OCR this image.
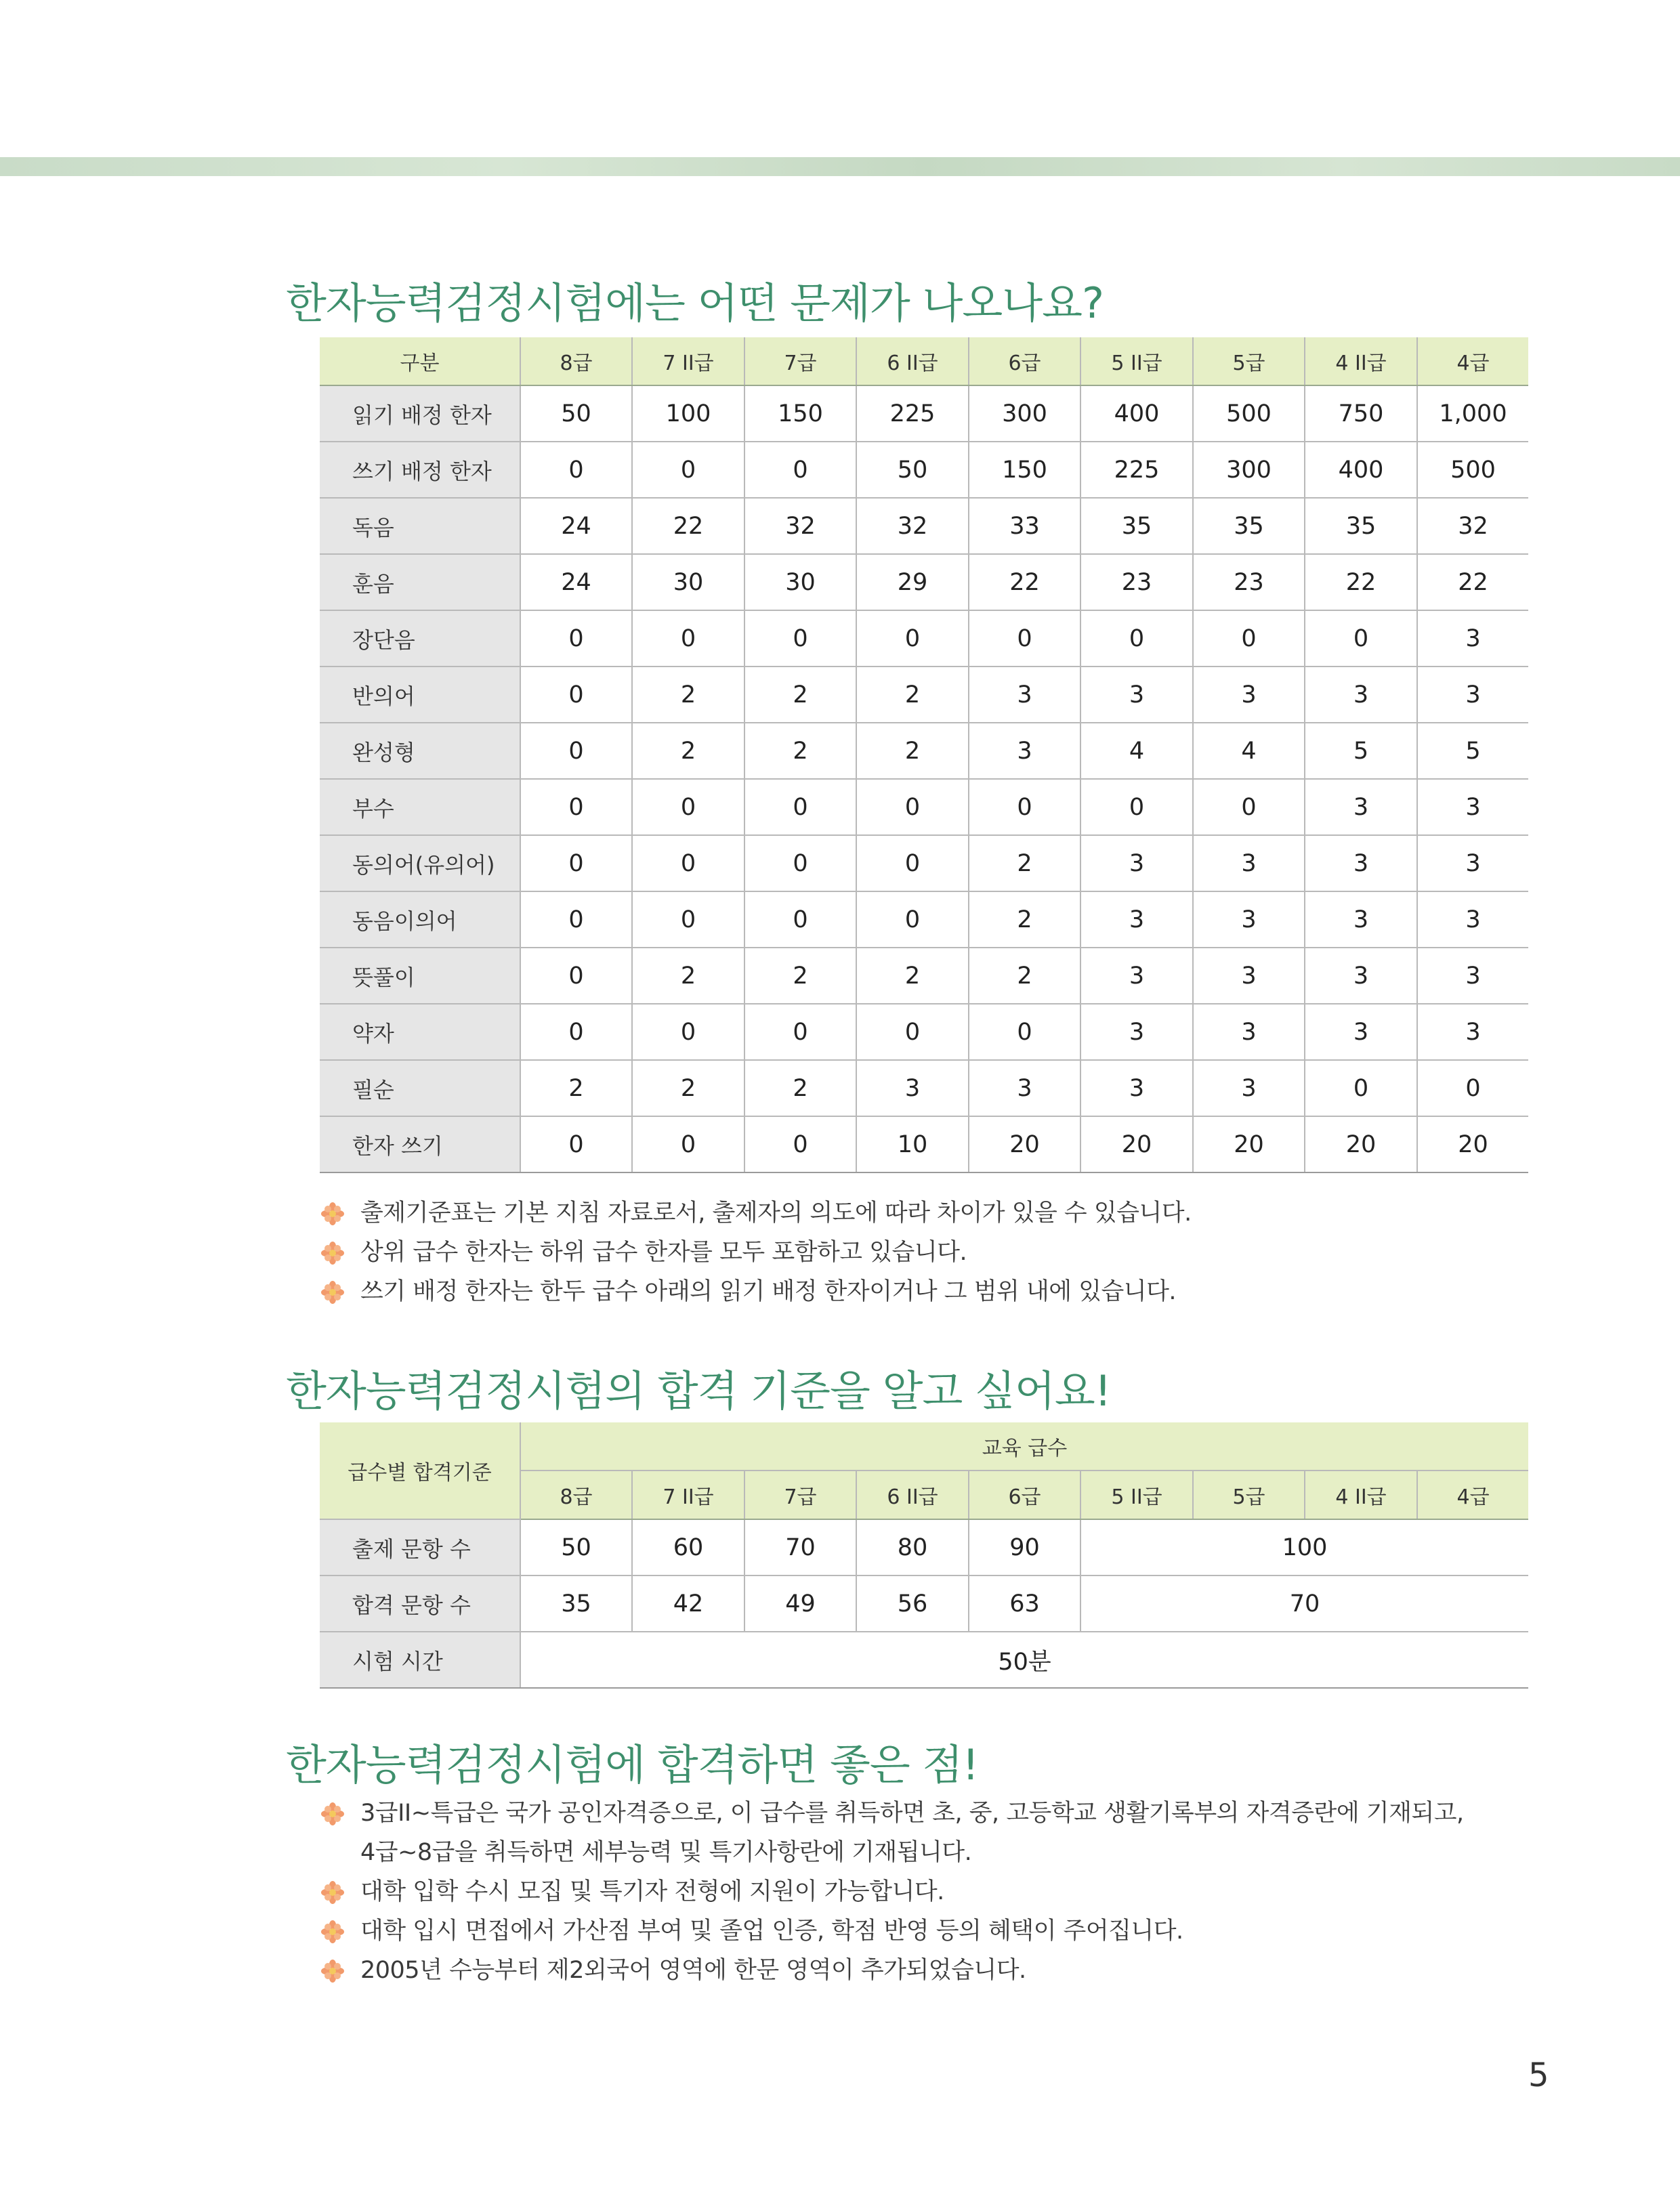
한자능력검정시험에는 어떤 문제가 나오나요?
구분	8급	7 II급	7급	6 II급	6급	5 II급	5급	4 II급	4급
읽기 배정 한자	50	100	150	225	300	400	500	750	1,000
쓰기 배정 한자	0	0	0	50	150	225	300	400	500
독음	24	22	32	32	33	35	35	35	32
훈음	24	30	30	29	22	23	23	22	22
장단음	0	0	0	0	0	0	0	0	3
반의어	0	2	2	2	3	3	3	3	3
완성형	0	2	2	2	3	4	4	5	5
부수	0	0	0	0	0	0	0	3	3
동의어(유의어)	0	0	0	0	2	3	3	3	3
동음이의어	0	0	0	0	2	3	3	3	3
뜻풀이	0	2	2	2	2	3	3	3	3
약자	0	0	0	0	0	3	3	3	3
필순	2	2	2	3	3	3	3	0	0
한자 쓰기	0	0	0	10	20	20	20	20	20
출제기준표는 기본 지침 자료로서, 출제자의 의도에 따라 차이가 있을 수 있습니다.
상위 급수 한자는 하위 급수 한자를 모두 포함하고 있습니다.
쓰기 배정 한자는 한두 급수 아래의 읽기 배정 한자이거나 그 범위 내에 있습니다.
한자능력검정시험의 합격 기준을 알고 싶어요!
급수별 합격기준	교육 급수								
	8급	7 II급	7급	6 II급	6급	5 II급	5급	4 II급	4급
출제 문항 수	50	60	70	80	90	100			
합격 문항 수	35	42	49	56	63	70			
시험 시간	50분								
한자능력검정시험에 합격하면 좋은 점!
3급II~특급은 국가 공인자격증으로, 이 급수를 취득하면 초, 중, 고등학교 생활기록부의 자격증란에 기재되고,
4급~8급을 취득하면 세부능력 및 특기사항란에 기재됩니다.
대학 입학 수시 모집 및 특기자 전형에 지원이 가능합니다.
대학 입시 면접에서 가산점 부여 및 졸업 인증, 학점 반영 등의 혜택이 주어집니다.
2005년 수능부터 제2외국어 영역에 한문 영역이 추가되었습니다.
5
